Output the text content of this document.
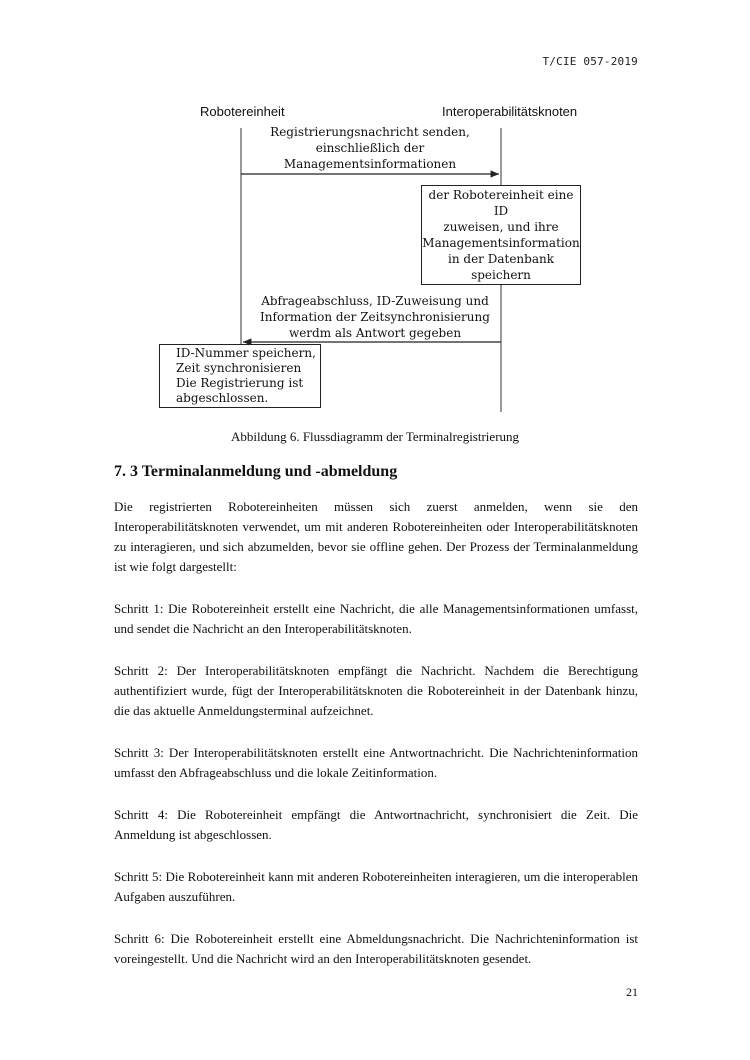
T/CIE 057-2019
Robotereinheit	Interoperabilitätsknoten
Registrierungsnachricht senden,
einschließlich der
Managementsinformationen
der Robotereinheit eine ID
zuweisen, und ihre
Managementsinformation
in der Datenbank speichern
Abfrageabschluss, ID-Zuweisung und
Information der Zeitsynchronisierung
werdm als Antwort gegeben
ID-Nummer speichern,
Zeit synchronisieren
Die Registrierung ist
abgeschlossen.
Abbildung 6. Flussdiagramm der Terminalregistrierung
7. 3 Terminalanmeldung und -abmeldung

Die registrierten Robotereinheiten müssen sich zuerst anmelden, wenn sie den Interoperabilitätsknoten verwendet, um mit anderen Robotereinheiten oder Interoperabilitätsknoten zu interagieren, und sich abzumelden, bevor sie offline gehen. Der Prozess der Terminalanmeldung ist wie folgt dargestellt:

Schritt 1: Die Robotereinheit erstellt eine Nachricht, die alle Managementsinformationen umfasst, und sendet die Nachricht an den Interoperabilitätsknoten.

Schritt 2: Der Interoperabilitätsknoten empfängt die Nachricht. Nachdem die Berechtigung authentifiziert wurde, fügt der Interoperabilitätsknoten die Robotereinheit in der Datenbank hinzu, die das aktuelle Anmeldungsterminal aufzeichnet.

Schritt 3: Der Interoperabilitätsknoten erstellt eine Antwortnachricht. Die Nachrichteninformation umfasst den Abfrageabschluss und die lokale Zeitinformation.

Schritt 4: Die Robotereinheit empfängt die Antwortnachricht, synchronisiert die Zeit. Die Anmeldung ist abgeschlossen.

Schritt 5: Die Robotereinheit kann mit anderen Robotereinheiten interagieren, um die interoperablen Aufgaben auszuführen.

Schritt 6: Die Robotereinheit erstellt eine Abmeldungsnachricht. Die Nachrichteninformation ist voreingestellt. Und die Nachricht wird an den Interoperabilitätsknoten gesendet.

21
